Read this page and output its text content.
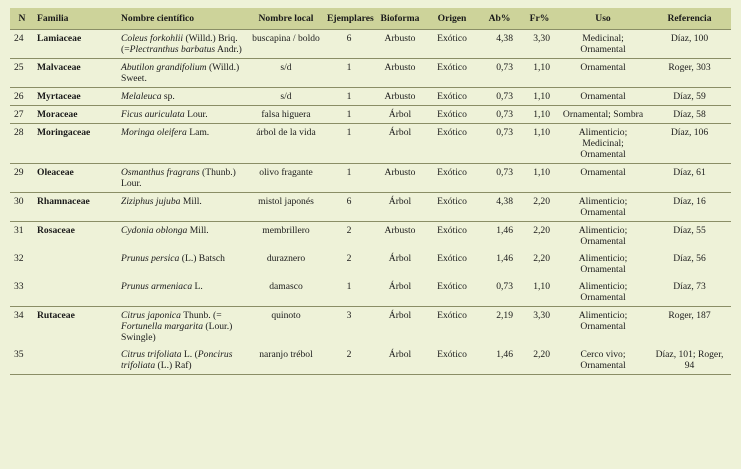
N	Familia	Nombre científico	Nombre local	Ejemplares	Bioforma	Origen	Ab%	Fr%	Uso	Referencia
24	Lamiaceae	Coleus forkohlii (Willd.) Briq. (=Plectranthus barbatus Andr.)	buscapina / boldo	6	Arbusto	Exótico	4,38	3,30	Medicinal; Ornamental	Díaz, 100
25	Malvaceae	Abutilon grandifolium (Willd.) Sweet.	s/d	1	Arbusto	Exótico	0,73	1,10	Ornamental	Roger, 303
26	Myrtaceae	Melaleuca sp.	s/d	1	Arbusto	Exótico	0,73	1,10	Ornamental	Díaz, 59
27	Moraceae	Ficus auriculata Lour.	falsa higuera	1	Árbol	Exótico	0,73	1,10	Ornamental; Sombra	Díaz, 58
28	Moringaceae	Moringa oleifera Lam.	árbol de la vida	1	Árbol	Exótico	0,73	1,10	Alimenticio; Medicinal; Ornamental	Díaz, 106
29	Oleaceae	Osmanthus fragrans (Thunb.) Lour.	olivo fragante	1	Arbusto	Exótico	0,73	1,10	Ornamental	Díaz, 61
30	Rhamnaceae	Ziziphus jujuba Mill.	mistol japonés	6	Árbol	Exótico	4,38	2,20	Alimenticio; Ornamental	Díaz, 16
31	Rosaceae	Cydonia oblonga Mill.	membrillero	2	Arbusto	Exótico	1,46	2,20	Alimenticio; Ornamental	Díaz, 55
32		Prunus persica (L.) Batsch	duraznero	2	Árbol	Exótico	1,46	2,20	Alimenticio; Ornamental	Díaz, 56
33		Prunus armeniaca L.	damasco	1	Árbol	Exótico	0,73	1,10	Alimenticio; Ornamental	Díaz, 73
34	Rutaceae	Citrus japonica Thunb. (= Fortunella margarita (Lour.) Swingle)	quinoto	3	Árbol	Exótico	2,19	3,30	Alimenticio; Ornamental	Roger, 187
35		Citrus trifoliata L. (Poncirus trifoliata (L.) Raf)	naranjo trébol	2	Árbol	Exótico	1,46	2,20	Cerco vivo; Ornamental	Díaz, 101; Roger, 94
